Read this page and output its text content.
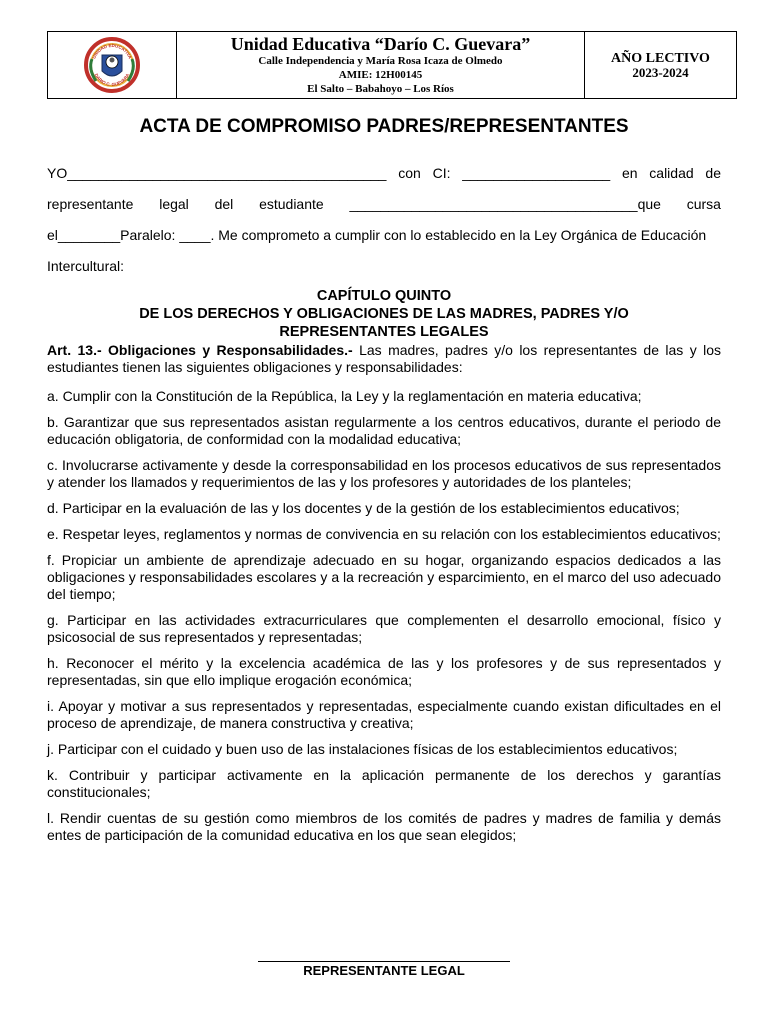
UNIDAD EDUCATIVA
DARIO C. GUEVARA
Unidad Educativa “Darío C. Guevara”
Calle Independencia y María Rosa Icaza de Olmedo
AMIE: 12H00145
El Salto – Babahoyo – Los Ríos
AÑO LECTIVO
2023-2024
ACTA DE COMPROMISO PADRES/REPRESENTANTES
YO_________________________________________ con CI: ___________________ en calidad de
representante legal del estudiante _____________________________________que cursa
el________Paralelo: ____. Me comprometo a cumplir con lo establecido en la Ley Orgánica de Educación
Intercultural:
CAPÍTULO QUINTO
DE LOS DERECHOS Y OBLIGACIONES DE LAS MADRES, PADRES Y/O
REPRESENTANTES LEGALES

Art. 13.- Obligaciones y Responsabilidades.- Las madres, padres y/o los representantes de las y los estudiantes tienen las siguientes obligaciones y responsabilidades:

a. Cumplir con la Constitución de la República, la Ley y la reglamentación en materia educativa;

b. Garantizar que sus representados asistan regularmente a los centros educativos, durante el periodo de educación obligatoria, de conformidad con la modalidad educativa;

c. Involucrarse activamente y desde la corresponsabilidad en los procesos educativos de sus representados y atender los llamados y requerimientos de las y los profesores y autoridades de los planteles;

d. Participar en la evaluación de las y los docentes y de la gestión de los establecimientos educativos;

e. Respetar leyes, reglamentos y normas de convivencia en su relación con los establecimientos educativos;

f. Propiciar un ambiente de aprendizaje adecuado en su hogar, organizando espacios dedicados a las obligaciones y responsabilidades escolares y a la recreación y esparcimiento, en el marco del uso adecuado del tiempo;

g. Participar en las actividades extracurriculares que complementen el desarrollo emocional, físico y psicosocial de sus representados y representadas;

h. Reconocer el mérito y la excelencia académica de las y los profesores y de sus representados y representadas, sin que ello implique erogación económica;

i. Apoyar y motivar a sus representados y representadas, especialmente cuando existan dificultades en el proceso de aprendizaje, de manera constructiva y creativa;

j. Participar con el cuidado y buen uso de las instalaciones físicas de los establecimientos educativos;

k. Contribuir y participar activamente en la aplicación permanente de los derechos y garantías constitucionales;

l. Rendir cuentas de su gestión como miembros de los comités de padres y madres de familia y demás entes de participación de la comunidad educativa en los que sean elegidos;

REPRESENTANTE LEGAL
